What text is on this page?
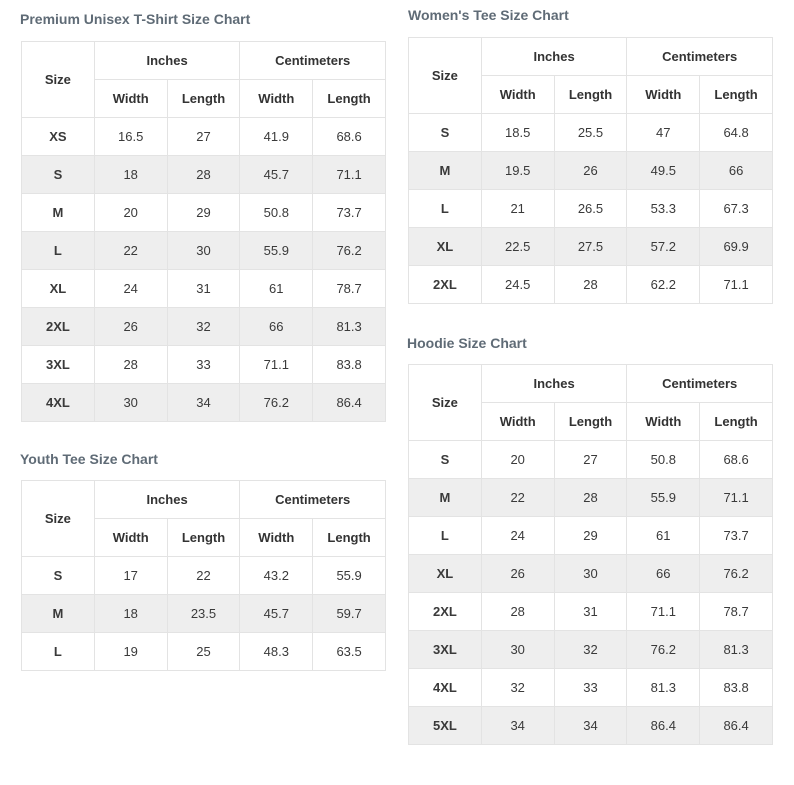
Premium Unisex T-Shirt Size Chart
Size	Inches		Centimeters	
	Width	Length	Width	Length
XS	16.5	27	41.9	68.6
S	18	28	45.7	71.1
M	20	29	50.8	73.7
L	22	30	55.9	76.2
XL	24	31	61	78.7
2XL	26	32	66	81.3
3XL	28	33	71.1	83.8
4XL	30	34	76.2	86.4
Youth Tee Size Chart
Size	Inches		Centimeters	
	Width	Length	Width	Length
S	17	22	43.2	55.9
M	18	23.5	45.7	59.7
L	19	25	48.3	63.5
Women's Tee Size Chart
Size	Inches		Centimeters	
	Width	Length	Width	Length
S	18.5	25.5	47	64.8
M	19.5	26	49.5	66
L	21	26.5	53.3	67.3
XL	22.5	27.5	57.2	69.9
2XL	24.5	28	62.2	71.1
Hoodie Size Chart
Size	Inches		Centimeters	
	Width	Length	Width	Length
S	20	27	50.8	68.6
M	22	28	55.9	71.1
L	24	29	61	73.7
XL	26	30	66	76.2
2XL	28	31	71.1	78.7
3XL	30	32	76.2	81.3
4XL	32	33	81.3	83.8
5XL	34	34	86.4	86.4
